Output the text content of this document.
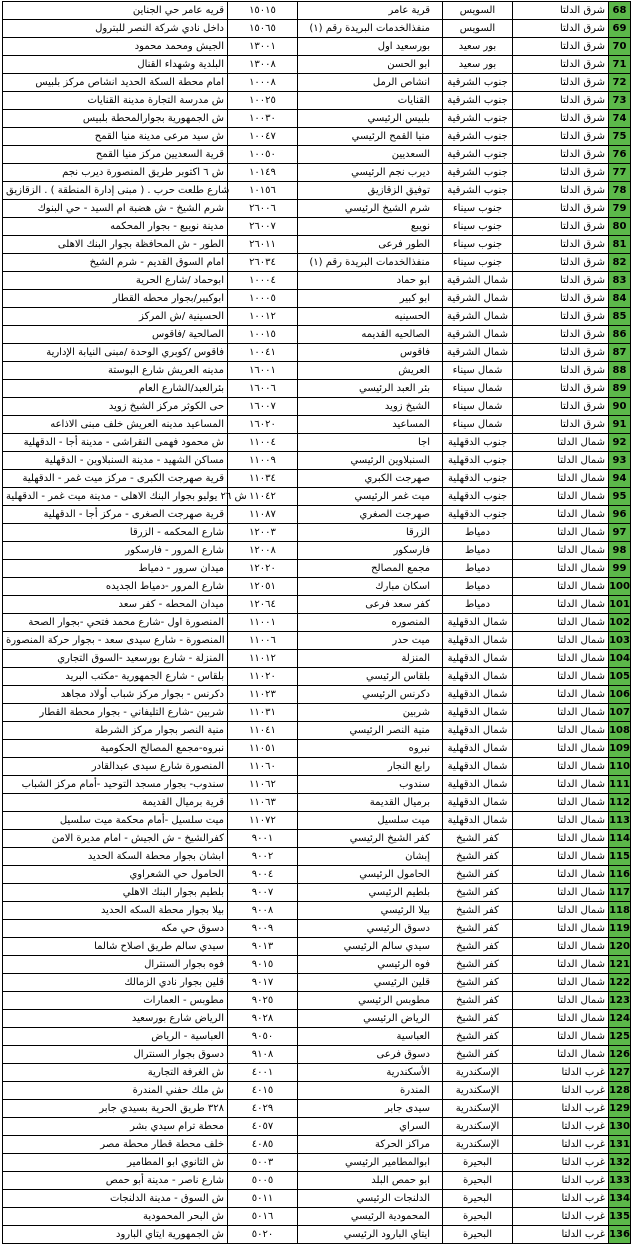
قريه عامر حي الجناين	١٥٠١٥	قرية عامر	السويس	شرق الدلتا	68
داخل نادي شركة النصر للبترول	١٥٠٦٥	منفذالخدمات البريدة رقم (١)	السويس	شرق الدلتا	69
الجيش ومحمد محمود	١٣٠٠١	بورسعيد اول	بور سعيد	شرق الدلتا	70
البلدية وشهداء القنال	١٣٠٠٨	ابو الحسن	بور سعيد	شرق الدلتا	71
امام محطة السكة الحديد انشاص مركز بلبيس	١٠٠٠٨	انشاص الرمل	جنوب الشرقية	شرق الدلتا	72
ش مدرسة التجارة مدينة القنايات	١٠٠٢٥	القنايات	جنوب الشرقية	شرق الدلتا	73
ش الجمهورية بجوارالمحطة بلبيس	١٠٠٣٠	بلبيس الرئيسي	جنوب الشرقية	شرق الدلتا	74
ش سيد مرعى مدينة منيا القمح	١٠٠٤٧	منيا القمح الرئيسي	جنوب الشرقية	شرق الدلتا	75
قرية السعديين مركز منيا القمح	١٠٠٥٠	السعديين	جنوب الشرقية	شرق الدلتا	76
ش ٦ اكتوبر طريق المنصورة ديرب نجم	١٠١٤٩	ديرب نجم الرئيسي	جنوب الشرقية	شرق الدلتا	77
شارع طلعت حرب . ( مبنى إدارة المنطقة ) . الزقازيق	١٠١٥٦	توفيق الزقازيق	جنوب الشرقية	شرق الدلتا	78
شرم الشيخ - ش هضبة ام السيد - حي البنوك	٢٦٠٠٦	شرم الشيخ الرئيسي	جنوب سيناء	شرق الدلتا	79
مدينة نويبع - بجوار المحكمه	٢٦٠٠٧	نويبع	جنوب سيناء	شرق الدلتا	80
الطور - ش المحافظة بجوار البنك الاهلى	٢٦٠١١	الطور فرعى	جنوب سيناء	شرق الدلتا	81
امام السوق القديم - شرم الشيخ	٢٦٠٣٤	منفذالخدمات البريدة رقم (١)	جنوب سيناء	شرق الدلتا	82
ابوحماد /شارع الحرية	١٠٠٠٤	ابو حماد	شمال الشرقية	شرق الدلتا	83
ابوكبير/بجوار محطه القطار	١٠٠٠٥	ابو كبير	شمال الشرقية	شرق الدلتا	84
الحسينية /ش المركز	١٠٠١٢	الحسينيه	شمال الشرقية	شرق الدلتا	85
الصالحية /فاقوس	١٠٠١٥	الصالحيه القديمه	شمال الشرقية	شرق الدلتا	86
فاقوس /كوبري الوحدة /مبنى النيابة الإدارية	١٠٠٤١	فاقوس	شمال الشرقية	شرق الدلتا	87
مدينه العريش شارع البوستة	١٦٠٠١	العريش	شمال سيناء	شرق الدلتا	88
بئرالعبد/الشارع العام	١٦٠٠٦	بئر العبد الرئيسي	شمال سيناء	شرق الدلتا	89
حى الكوثر مركز الشيخ زويد	١٦٠٠٧	الشيخ زويد	شمال سيناء	شرق الدلتا	90
المساعيد مدينه العريش خلف مبنى الاذاعه	١٦٠٢٠	المساعيد	شمال سيناء	شرق الدلتا	91
ش محمود فهمى النقراشى - مدينة أجا - الدقهلية	١١٠٠٤	اجا	جنوب الدقهلية	شمال الدلتا	92
مساكن الشهيد - مدينة السنبلاوين - الدقهلية	١١٠٠٩	السنبلاوين الرئيسي	جنوب الدقهلية	شمال الدلتا	93
قرية صهرجت الكبرى - مركز ميت غمر - الدقهلية	١١٠٣٤	صهرجت الكبري	جنوب الدقهلية	شمال الدلتا	94
ش ٢٦ يوليو بجوار البنك الاهلى - مدينة ميت غمر - الدقهلية	١١٠٤٢	ميت غمر الرئيسي	جنوب الدقهلية	شمال الدلتا	95
قرية صهرجت الصغرى - مركز أجا - الدقهلية	١١٠٨٧	صهرجت الصغري	جنوب الدقهلية	شمال الدلتا	96
شارع المحكمه - الزرقا	١٢٠٠٣	الزرقا	دمياط	شمال الدلتا	97
شارع المرور - فارسكور	١٢٠٠٨	فارسكور	دمياط	شمال الدلتا	98
ميدان سرور - دمياط	١٢٠٢٠	مجمع المصالح	دمياط	شمال الدلتا	99
شارع المرور -دمياط الجديده	١٢٠٥١	اسكان مبارك	دمياط	شمال الدلتا	100
ميدان المحطه - كفر سعد	١٢٠٦٤	كفر سعد فرعى	دمياط	شمال الدلتا	101
المنصورة اول -شارع محمد فتحي -بجوار الصحة	١١٠٠١	المنصوره	شمال الدقهلية	شمال الدلتا	102
المنصورة - شارع سيدى سعد - بجوار حركة المنصورة	١١٠٠٦	ميت حدر	شمال الدقهلية	شمال الدلتا	103
المنزلة - شارع بورسعيد -السوق التجاري	١١٠١٢	المنزلة	شمال الدقهلية	شمال الدلتا	104
بلقاس - شارع الجمهورية -مكتب البريد	١١٠٢٠	بلقاس الرئيسي	شمال الدقهلية	شمال الدلتا	105
دكرنس - بجوار مركز شباب أولاد مجاهد	١١٠٢٣	دكرنس الرئيسي	شمال الدقهلية	شمال الدلتا	106
شربين -شارع التليفاني - بجوار محطة القطار	١١٠٣١	شربين	شمال الدقهلية	شمال الدلتا	107
منية النصر بجوار مركز الشرطة	١١٠٤١	منية النصر الرئيسي	شمال الدقهلية	شمال الدلتا	108
نبروه-مجمع المصالح الحكومية	١١٠٥١	نبروه	شمال الدقهلية	شمال الدلتا	109
المنصورة شارع سيدى عبدالقادر	١١٠٦٠	رابع النجار	شمال الدقهلية	شمال الدلتا	110
سندوب- بجوار مسجد التوحيد -أمام مركز الشباب	١١٠٦٢	سندوب	شمال الدقهلية	شمال الدلتا	111
قرية برميال القديمة	١١٠٦٣	برميال القديمة	شمال الدقهلية	شمال الدلتا	112
ميت سلسيل -أمام محكمة ميت سلسيل	١١٠٧٢	ميت سلسيل	شمال الدقهلية	شمال الدلتا	113
كفرالشيخ - ش الجيش - امام مديرة الامن	٩٠٠١	كفر الشيخ الرئيسي	كفر الشيخ	شمال الدلتا	114
ابشان بجوار محطة السكة الحديد	٩٠٠٢	إبشان	كفر الشيخ	شمال الدلتا	115
الحامول حي الشعراوي	٩٠٠٤	الحامول الرئيسي	كفر الشيخ	شمال الدلتا	116
بلطيم بجوار البنك الاهلي	٩٠٠٧	بلطيم الرئيسي	كفر الشيخ	شمال الدلتا	117
بيلا بجوار محطة السكه الحديد	٩٠٠٨	بيلا الرئيسي	كفر الشيخ	شمال الدلتا	118
دسوق حي مكه	٩٠٠٩	دسوق الرئيسي	كفر الشيخ	شمال الدلتا	119
سيدي سالم طريق اصلاح شالما	٩٠١٣	سيدي سالم الرئيسي	كفر الشيخ	شمال الدلتا	120
فوه بجوار السنترال	٩٠١٥	فوه الرئيسي	كفر الشيخ	شمال الدلتا	121
قلين بجوار نادي الزمالك	٩٠١٧	قلين الرئيسي	كفر الشيخ	شمال الدلتا	122
مطوبس - العمارات	٩٠٢٥	مطوبس الرئيسي	كفر الشيخ	شمال الدلتا	123
الرياض شارع بورسعيد	٩٠٢٨	الرياض الرئيسي	كفر الشيخ	شمال الدلتا	124
العباسية - الرياض	٩٠٥٠	العباسية	كفر الشيخ	شمال الدلتا	125
دسوق بجوار السنترال	٩١٠٨	دسوق فرعى	كفر الشيخ	شمال الدلتا	126
ش الغرفة التجارية	٤٠٠١	الأسكندرية	الإسكندرية	غرب الدلتا	127
ش ملك حفني المندرة	٤٠١٥	المندرة	الإسكندرية	غرب الدلتا	128
٣٢٨ طريق الحرية بسيدي جابر	٤٠٢٩	سيدى جابر	الإسكندرية	غرب الدلتا	129
محطة ترام سيدي بشر	٤٠٥٧	السراي	الإسكندرية	غرب الدلتا	130
خلف محطة قطار محطة مصر	٤٠٨٥	مراكز الحركة	الإسكندرية	غرب الدلتا	131
ش الثانوي ابو المطامير	٥٠٠٣	ابوالمطامير الرئيسي	البحيرة	غرب الدلتا	132
شارع ناصر - مدينة أبو حمص	٥٠٠٥	ابو حمص البلد	البحيرة	غرب الدلتا	133
ش السوق - مدينة الدلنجات	٥٠١١	الدلنجات الرئيسي	البحيرة	غرب الدلتا	134
ش البحر المحمودية	٥٠١٦	المحمودية الرئيسي	البحيرة	غرب الدلتا	135
ش الجمهورية ايتاي البارود	٥٠٢٠	ايتاي البارود الرئيسي	البحيرة	غرب الدلتا	136
